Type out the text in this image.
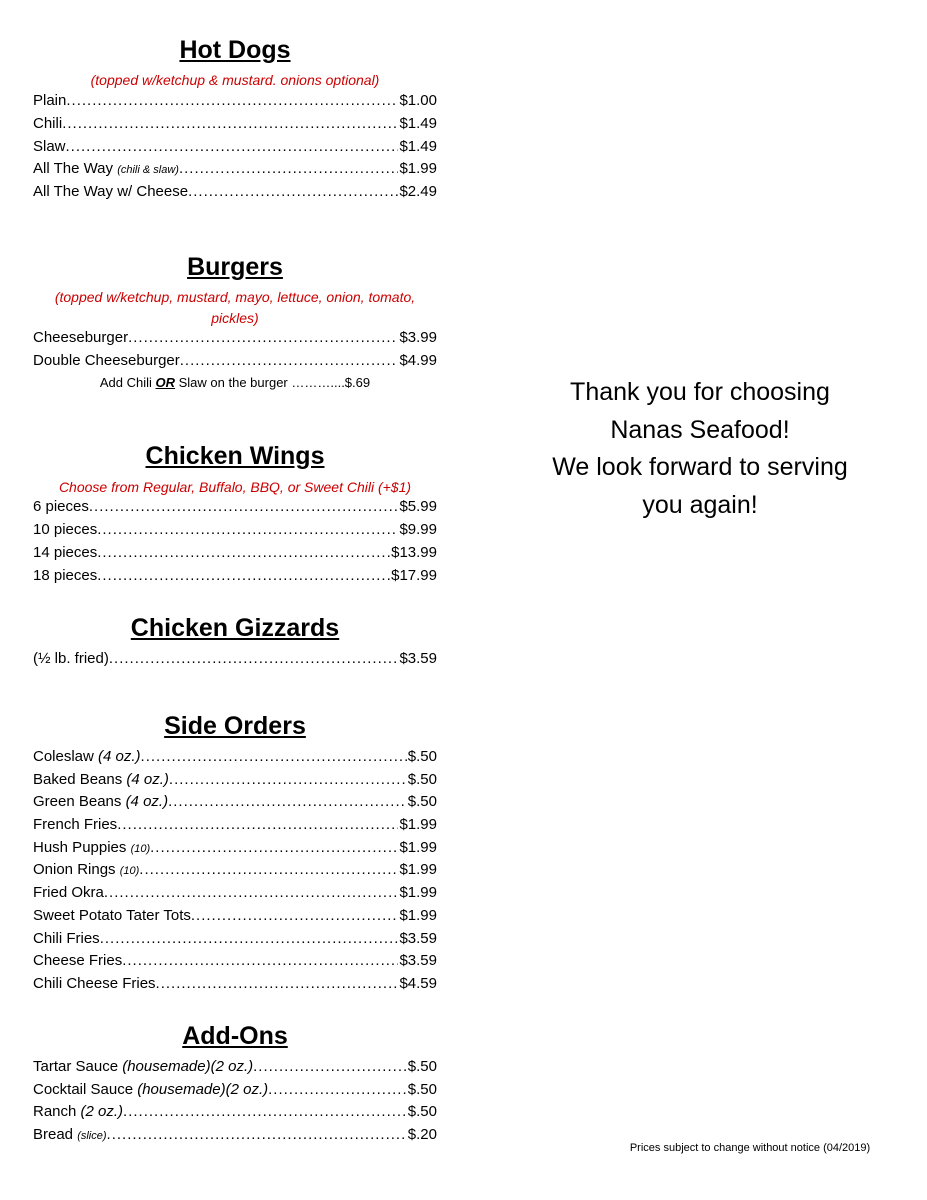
Hot Dogs
(topped w/ketchup & mustard. onions optional)
Plain	$1.00
.....
Chili	$1.49
.....
Slaw	$1.49
.....
All The Way (chili & slaw)	$1.99
.....
All The Way w/ Cheese	$2.49
.....
Burgers
(topped w/ketchup, mustard, mayo, lettuce, onion, tomato,
pickles)
Cheeseburger	$3.99
.....
Double Cheeseburger	$4.99
.....
Add Chili OR Slaw on the burger ………....$.69
Chicken Wings
Choose from Regular, Buffalo, BBQ, or Sweet Chili (+$1)
6 pieces	$5.99
.....
10 pieces	$9.99
.....
14 pieces	$13.99
.....
18 pieces	$17.99
.....
Chicken Gizzards
(½ lb. fried)	$3.59
.....
Side Orders
Coleslaw (4 oz.)	$.50
.....
Baked Beans (4 oz.)	$.50
.....
Green Beans (4 oz.)	$.50
.....
French Fries	$1.99
.....
Hush Puppies (10)	$1.99
.....
Onion Rings (10)	$1.99
.....
Fried Okra	$1.99
.....
Sweet Potato Tater Tots	$1.99
.....
Chili Fries	$3.59
.....
Cheese Fries	$3.59
.....
Chili Cheese Fries	$4.59
.....
Add-Ons
Tartar Sauce (housemade)(2 oz.)	$.50
.....
Cocktail Sauce (housemade)(2 oz.)	$.50
.....
Ranch (2 oz.)	$.50
.....
Bread (slice)	$.20
.....
Thank you for choosing
Nanas Seafood!
We look forward to serving
you again!
Prices subject to change without notice (04/2019)
